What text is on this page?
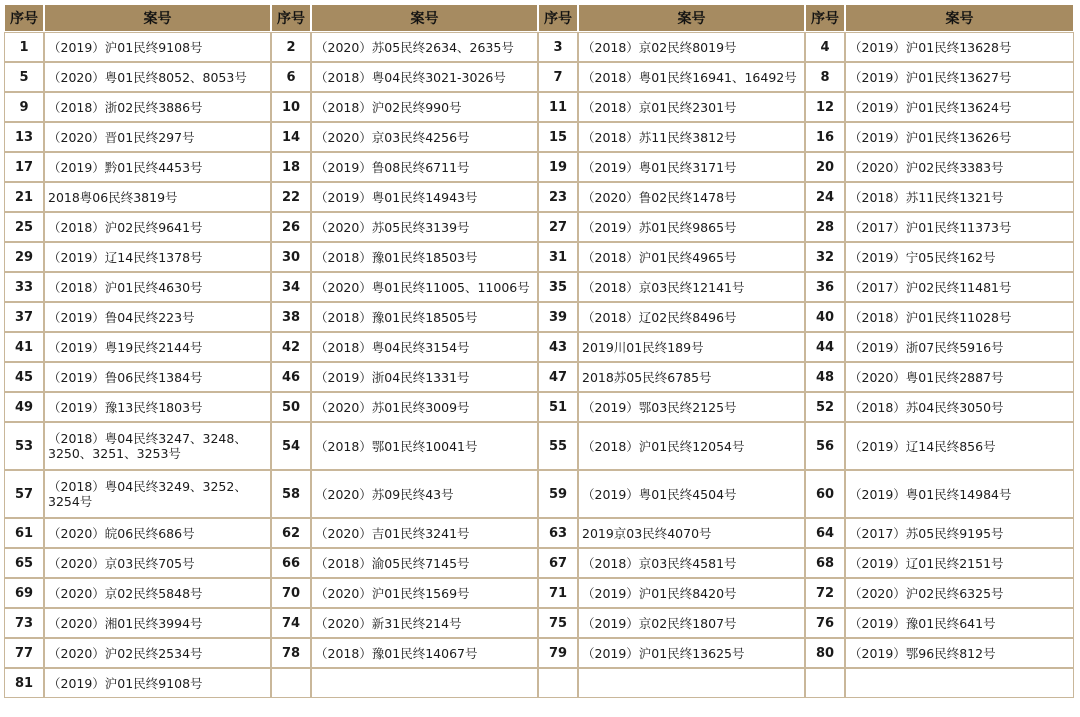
序号	案号	序号	案号	序号	案号	序号	案号
1	（2019）沪01民终9108号	2	（2020）苏05民终2634、2635号	3	（2018）京02民终8019号	4	（2019）沪01民终13628号
5	（2020）粤01民终8052、8053号	6	（2018）粤04民终3021-3026号	7	（2018）粤01民终16941、16492号	8	（2019）沪01民终13627号
9	（2018）浙02民终3886号	10	（2018）沪02民终990号	11	（2018）京01民终2301号	12	（2019）沪01民终13624号
13	（2020）晋01民终297号	14	（2020）京03民终4256号	15	（2018）苏11民终3812号	16	（2019）沪01民终13626号
17	（2019）黔01民终4453号	18	（2019）鲁08民终6711号	19	（2019）粤01民终3171号	20	（2020）沪02民终3383号
21	2018粤06民终3819号	22	（2019）粤01民终14943号	23	（2020）鲁02民终1478号	24	（2018）苏11民终1321号
25	（2018）沪02民终9641号	26	（2020）苏05民终3139号	27	（2019）苏01民终9865号	28	（2017）沪01民终11373号
29	（2019）辽14民终1378号	30	（2018）豫01民终18503号	31	（2018）沪01民终4965号	32	（2019）宁05民终162号
33	（2018）沪01民终4630号	34	（2020）粤01民终11005、11006号	35	（2018）京03民终12141号	36	（2017）沪02民终11481号
37	（2019）鲁04民终223号	38	（2018）豫01民终18505号	39	（2018）辽02民终8496号	40	（2018）沪01民终11028号
41	（2019）粤19民终2144号	42	（2018）粤04民终3154号	43	2019川01民终189号	44	（2019）浙07民终5916号
45	（2019）鲁06民终1384号	46	（2019）浙04民终1331号	47	2018苏05民终6785号	48	（2020）粤01民终2887号
49	（2019）豫13民终1803号	50	（2020）苏01民终3009号	51	（2019）鄂03民终2125号	52	（2018）苏04民终3050号
53	（2018）粤04民终3247、3248、3250、3251、3253号	54	（2018）鄂01民终10041号	55	（2018）沪01民终12054号	56	（2019）辽14民终856号
57	（2018）粤04民终3249、3252、3254号	58	（2020）苏09民终43号	59	（2019）粤01民终4504号	60	（2019）粤01民终14984号
61	（2020）皖06民终686号	62	（2020）吉01民终3241号	63	2019京03民终4070号	64	（2017）苏05民终9195号
65	（2020）京03民终705号	66	（2018）渝05民终7145号	67	（2018）京03民终4581号	68	（2019）辽01民终2151号
69	（2020）京02民终5848号	70	（2020）沪01民终1569号	71	（2019）沪01民终8420号	72	（2020）沪02民终6325号
73	（2020）湘01民终3994号	74	（2020）新31民终214号	75	（2019）京02民终1807号	76	（2019）豫01民终641号
77	（2020）沪02民终2534号	78	（2018）豫01民终14067号	79	（2019）沪01民终13625号	80	（2019）鄂96民终812号
81	（2019）沪01民终9108号						
